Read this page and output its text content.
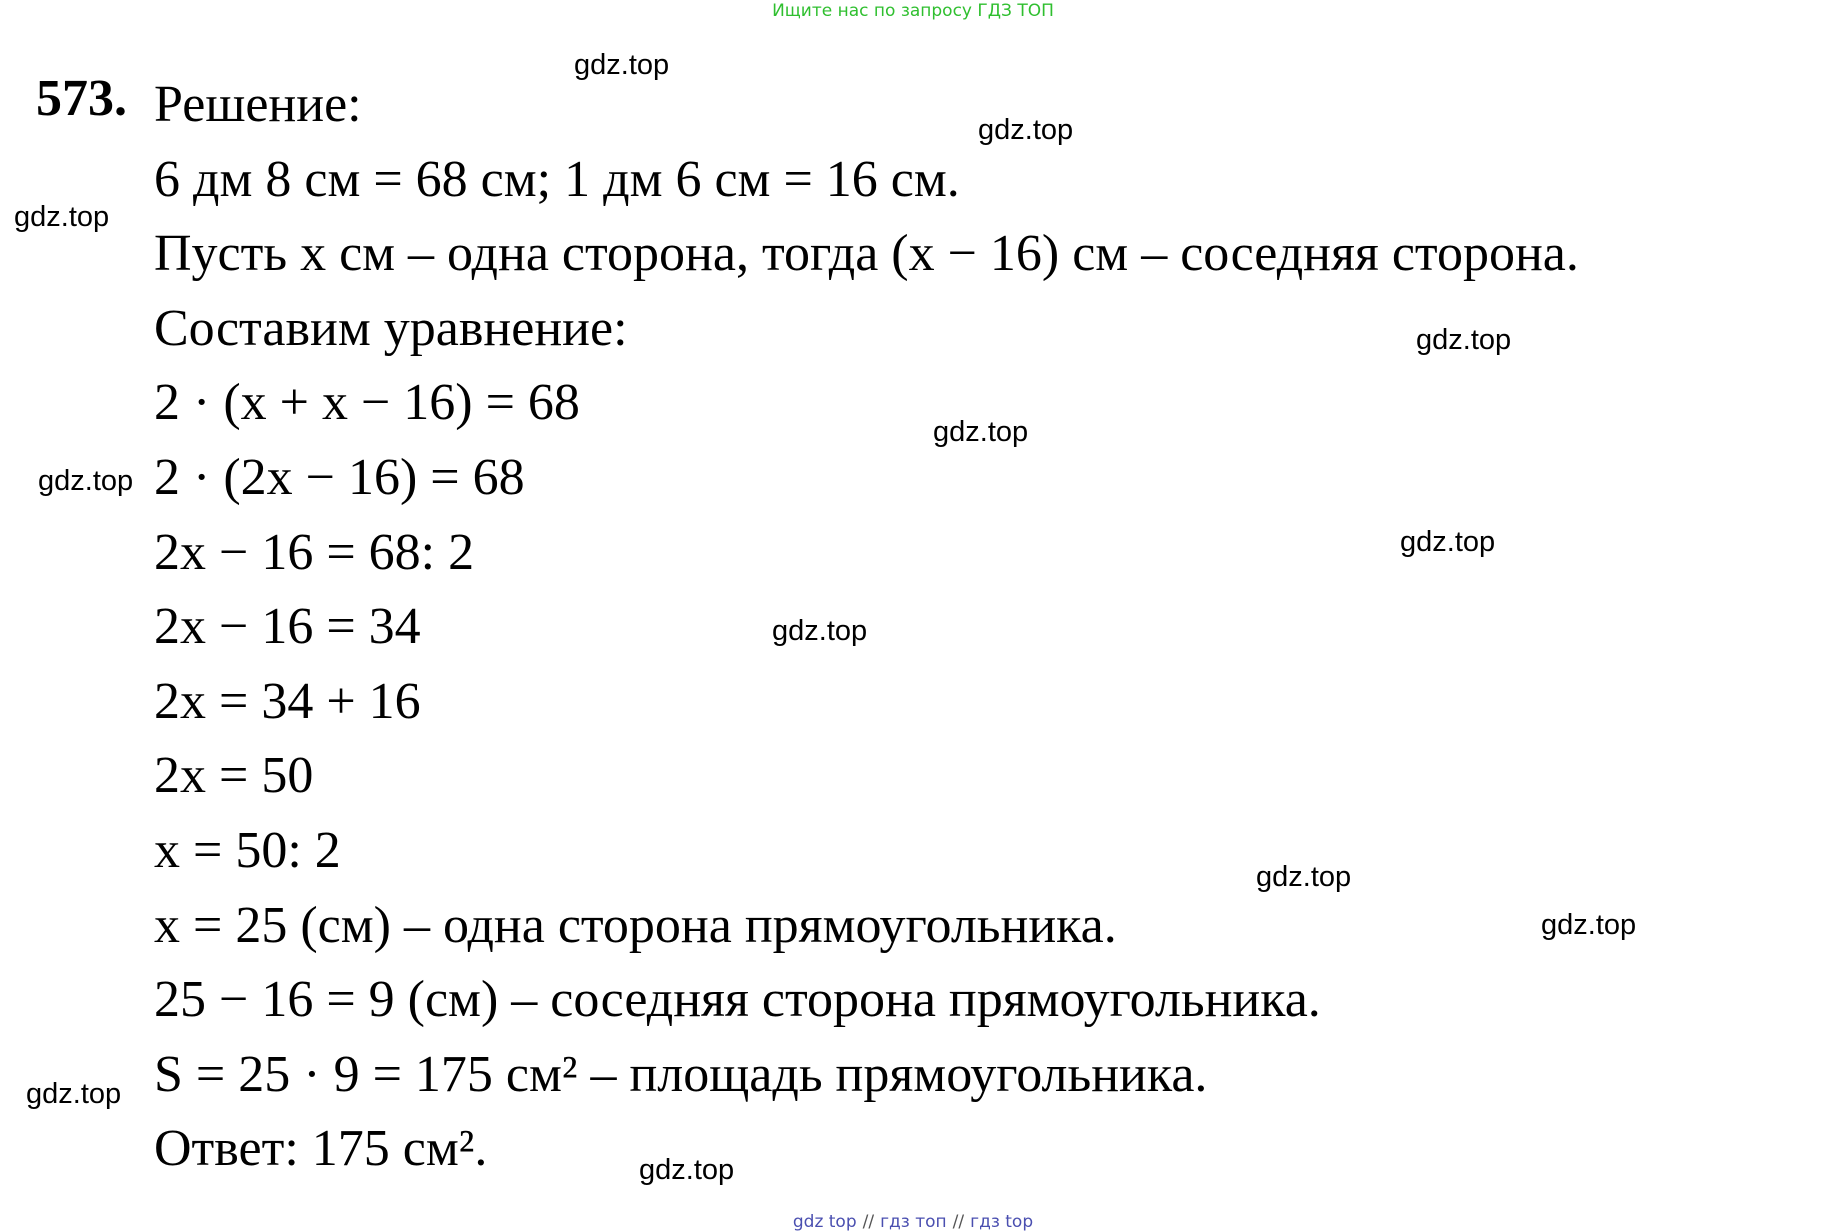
Ищите нас по запросу ГДЗ ТОП
573. Решение:
6 дм 8 см = 68 см; 1 дм 6 см = 16 см.
Пусть x см – одна сторона, тогда (x − 16) см – соседняя сторона.
Составим уравнение:
2 · (x + x − 16) = 68
2 · (2x − 16) = 68
2x − 16 = 68: 2
2x − 16 = 34
2x = 34 + 16
2x = 50
x = 50: 2
x = 25 (см) – одна сторона прямоугольника.
25 − 16 = 9 (см) – соседняя сторона прямоугольника.
S = 25 · 9 = 175 см² – площадь прямоугольника.
Ответ: 175 см².
gdz.top
gdz.top
gdz.top
gdz.top
gdz.top
gdz.top
gdz.top
gdz.top
gdz.top
gdz.top
gdz.top
gdz.top
gdz top // гдз топ // гдз top
